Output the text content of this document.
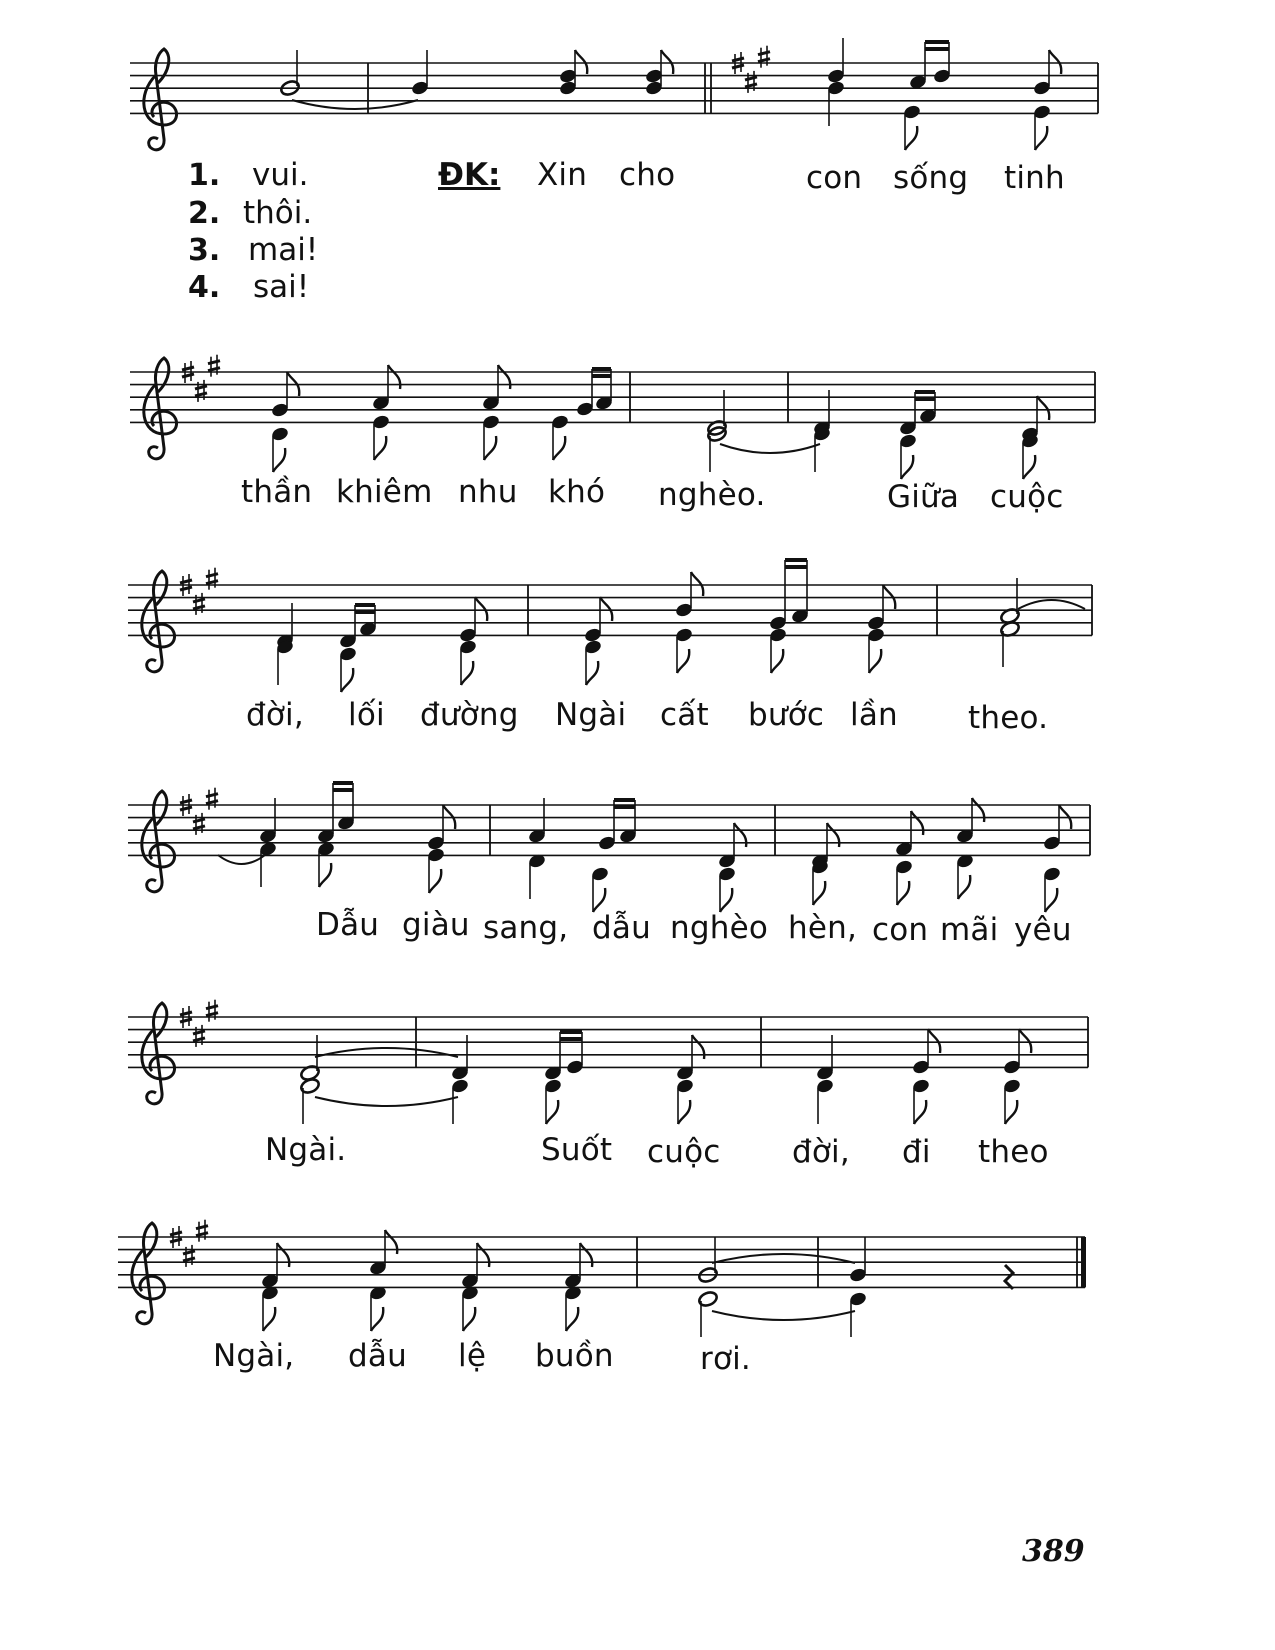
1. vui.
2. thôi.
3. mai!
4. sai!
ĐK: Xin cho	con sống tinh
thần khiêm nhu khó nghèo.	Giữa cuộc
đời, lối đường Ngài cất bước lần theo.
Dẫu giàu sang, dẫu nghèo hèn, con mãi yêu
Ngài.	Suốt cuộc đời, đi theo
Ngài, dẫu lệ buồn	rơi.
389
